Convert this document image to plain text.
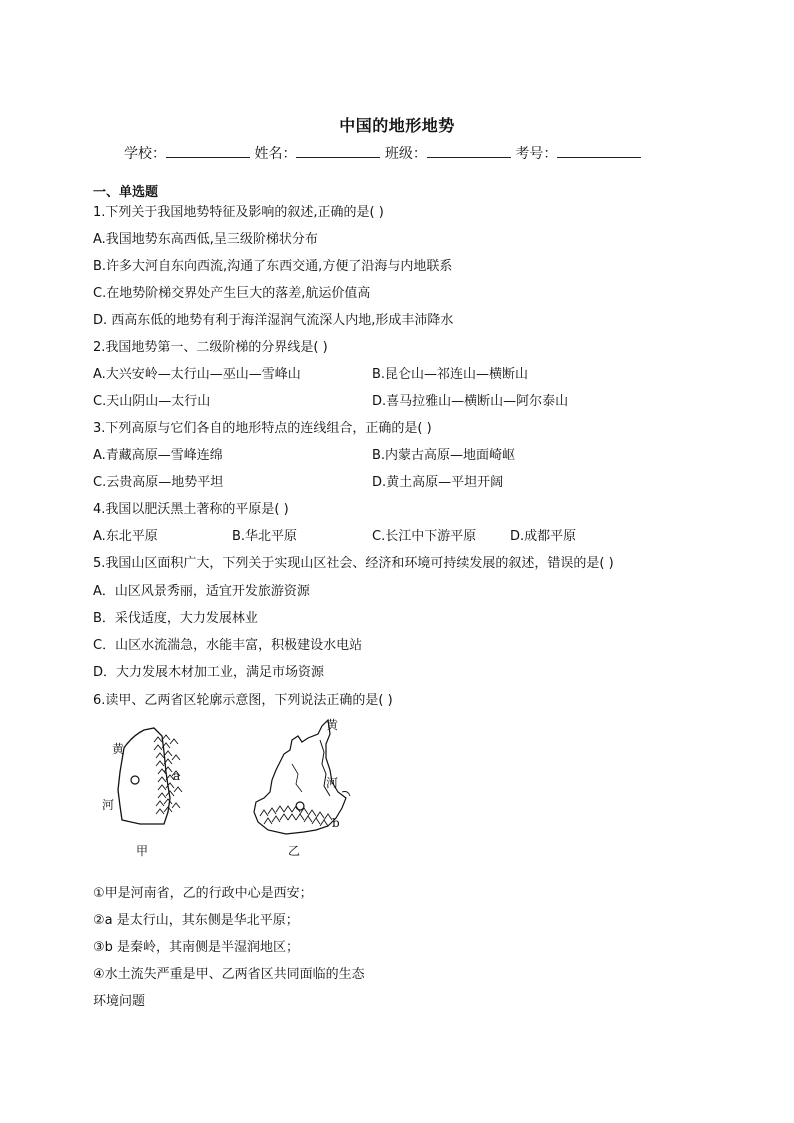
中国的地形地势
学校：	姓名：	班级：	考号：
一、单选题
1.下列关于我国地势特征及影响的叙述,正确的是( )
A.我国地势东高西低,呈三级阶梯状分布
B.许多大河自东向西流,沟通了东西交通,方便了沿海与内地联系
C.在地势阶梯交界处产生巨大的落差,航运价值高
D. 西高东低的地势有利于海洋湿润气流深人内地,形成丰沛降水
2.我国地势第一、二级阶梯的分界线是( )
A.大兴安岭—太行山—巫山—雪峰山	B.昆仑山—祁连山—横断山
C.天山阴山—太行山	D.喜马拉雅山—横断山—阿尔泰山
3.下列高原与它们各自的地形特点的连线组合，正确的是( )
A.青藏高原—雪峰连绵	B.内蒙古高原—地面崎岖
C.云贵高原—地势平坦	D.黄土高原—平坦开阔
4.我国以肥沃黑土著称的平原是( )
A.东北平原	B.华北平原	C.长江中下游平原	D.成都平原
5.我国山区面积广大，下列关于实现山区社会、经济和环境可持续发展的叙述，错误的是( )
A．山区风景秀丽，适宜开发旅游资源
B．采伐适度，大力发展林业
C．山区水流湍急，水能丰富，积极建设水电站
D．大力发展木材加工业，满足市场资源
6.读甲、乙两省区轮廓示意图，下列说法正确的是( )
黄
河
a
甲
黄
河
b
乙
①甲是河南省，乙的行政中心是西安；
②a 是太行山，其东侧是华北平原；
③b 是秦岭，其南侧是半湿润地区；
④水土流失严重是甲、乙两省区共同面临的生态
环境问题
